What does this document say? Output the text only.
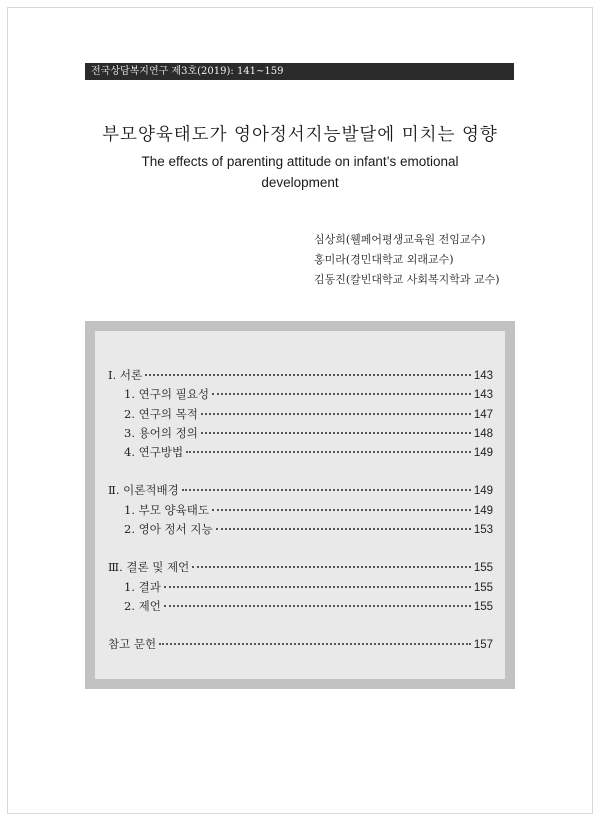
전국상담복지연구 제3호(2019): 141~159
부모양육태도가 영아정서지능발달에 미치는 영향
The effects of parenting attitude on infant’s emotional
development
심상희(웰페어평생교육원 전임교수)
홍미라(경민대학교 외래교수)
김동진(칼빈대학교 사회복지학과 교수)
Ⅰ. 서론	143
1. 연구의 필요성	143
2. 연구의 목적	147
3. 용어의 정의	148
4. 연구방법	149
Ⅱ. 이론적배경	149
1. 부모 양육태도	149
2. 영아 정서 지능	153
Ⅲ. 결론 및 제언	155
1. 결과	155
2. 제언	155
참고 문헌	157
